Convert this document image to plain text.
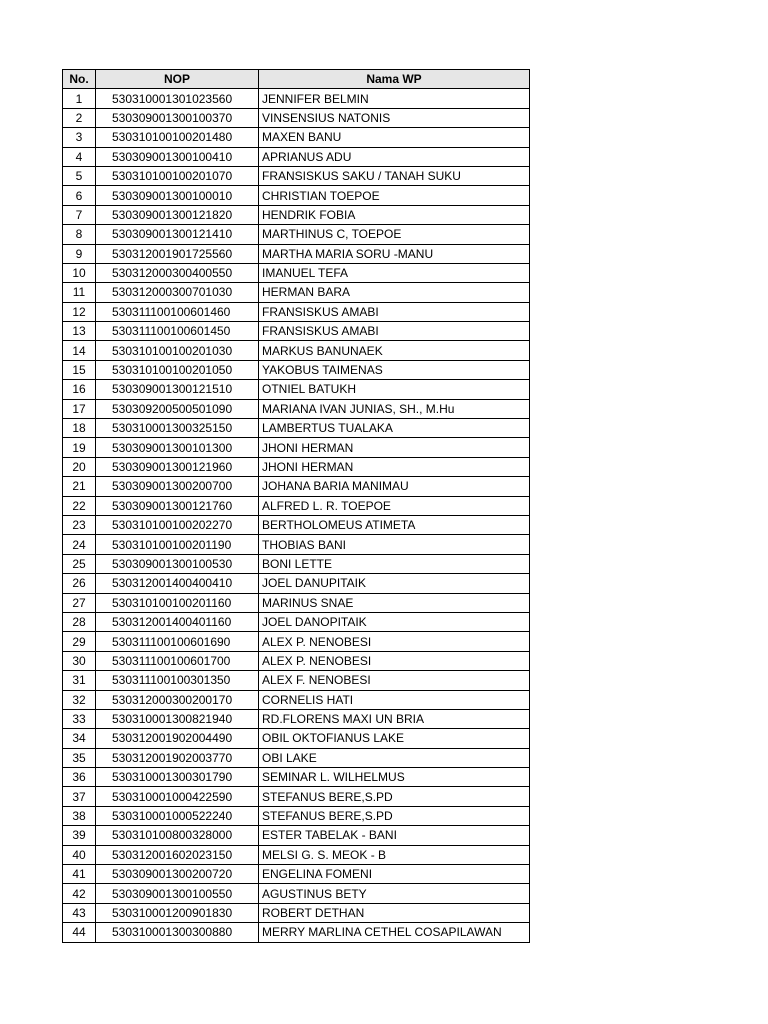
No.	NOP	Nama WP
1	530310001301023560	JENNIFER BELMIN
2	530309001300100370	VINSENSIUS NATONIS
3	530310100100201480	MAXEN BANU
4	530309001300100410	APRIANUS ADU
5	530310100100201070	FRANSISKUS SAKU / TANAH SUKU
6	530309001300100010	CHRISTIAN TOEPOE
7	530309001300121820	HENDRIK FOBIA
8	530309001300121410	MARTHINUS C, TOEPOE
9	530312001901725560	MARTHA MARIA SORU -MANU
10	530312000300400550	IMANUEL TEFA
11	530312000300701030	HERMAN BARA
12	530311100100601460	FRANSISKUS AMABI
13	530311100100601450	FRANSISKUS AMABI
14	530310100100201030	MARKUS BANUNAEK
15	530310100100201050	YAKOBUS TAIMENAS
16	530309001300121510	OTNIEL BATUKH
17	530309200500501090	MARIANA IVAN JUNIAS, SH., M.Hu
18	530310001300325150	LAMBERTUS TUALAKA
19	530309001300101300	JHONI HERMAN
20	530309001300121960	JHONI HERMAN
21	530309001300200700	JOHANA BARIA MANIMAU
22	530309001300121760	ALFRED L. R. TOEPOE
23	530310100100202270	BERTHOLOMEUS ATIMETA
24	530310100100201190	THOBIAS BANI
25	530309001300100530	BONI LETTE
26	530312001400400410	JOEL DANUPITAIK
27	530310100100201160	MARINUS SNAE
28	530312001400401160	JOEL DANOPITAIK
29	530311100100601690	ALEX P. NENOBESI
30	530311100100601700	ALEX P. NENOBESI
31	530311100100301350	ALEX F. NENOBESI
32	530312000300200170	CORNELIS HATI
33	530310001300821940	RD.FLORENS MAXI UN BRIA
34	530312001902004490	OBIL OKTOFIANUS LAKE
35	530312001902003770	OBI LAKE
36	530310001300301790	SEMINAR L. WILHELMUS
37	530310001000422590	STEFANUS BERE,S.PD
38	530310001000522240	STEFANUS BERE,S.PD
39	530310100800328000	ESTER TABELAK - BANI
40	530312001602023150	MELSI G. S. MEOK - B
41	530309001300200720	ENGELINA FOMENI
42	530309001300100550	AGUSTINUS BETY
43	530310001200901830	ROBERT DETHAN
44	530310001300300880	MERRY MARLINA CETHEL COSAPILAWAN
